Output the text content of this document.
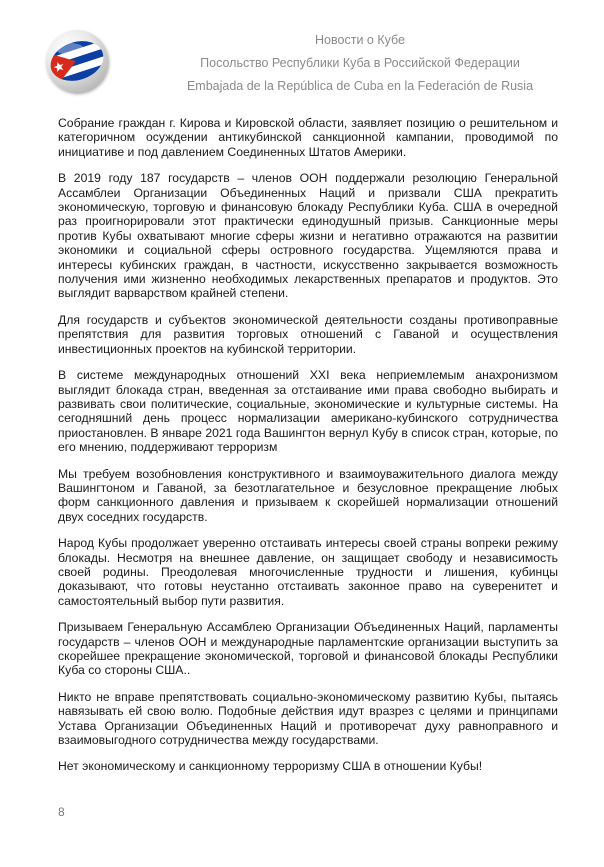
Новости о Кубе
Посольство Республики Куба в Российской Федерации
Embajada de la República de Cuba en la Federación de Rusia

Собрание граждан г. Кирова и Кировской области, заявляет позицию о решительном и категоричном осуждении антикубинской санкционной кампании, проводимой по инициативе и под давлением Соединенных Штатов Америки.

В 2019 году 187 государств – членов ООН поддержали резолюцию Генеральной Ассамблеи Организации Объединенных Наций и призвали США прекратить экономическую, торговую и финансовую блокаду Республики Куба. США в очередной раз проигнорировали этот практически единодушный призыв. Санкционные меры против Кубы охватывают многие сферы жизни и негативно отражаются на развитии экономики и социальной сферы островного государства. Ущемляются права и интересы кубинских граждан, в частности, искусственно закрывается возможность получения ими жизненно необходимых лекарственных препаратов и продуктов. Это выглядит варварством крайней степени.

Для государств и субъектов экономической деятельности созданы противоправные препятствия для развития торговых отношений с Гаваной и осуществления инвестиционных проектов на кубинской территории.

В системе международных отношений XXI века неприемлемым анахронизмом выглядит блокада стран, введенная за отстаивание ими права свободно выбирать и развивать свои политические, социальные, экономические и культурные системы. На сегодняшний день процесс нормализации американо-кубинского сотрудничества приостановлен. В январе 2021 года Вашингтон вернул Кубу в список стран, которые, по его мнению, поддерживают терроризм

Мы требуем возобновления конструктивного и взаимоуважительного диалога между Вашингтоном и Гаваной, за безотлагательное и безусловное прекращение любых форм санкционного давления и призываем к скорейшей нормализации отношений двух соседних государств.

Народ Кубы продолжает уверенно отстаивать интересы своей страны вопреки режиму блокады. Несмотря на внешнее давление, он защищает свободу и независимость своей родины. Преодолевая многочисленные трудности и лишения, кубинцы доказывают, что готовы неустанно отстаивать законное право на суверенитет и самостоятельный выбор пути развития.

Призываем Генеральную Ассамблею Организации Объединенных Наций, парламенты государств – членов ООН и международные парламентские организации выступить за скорейшее прекращение экономической, торговой и финансовой блокады Республики Куба со стороны США..

Никто не вправе препятствовать социально-экономическому развитию Кубы, пытаясь навязывать ей свою волю. Подобные действия идут вразрез с целями и принципами Устава Организации Объединенных Наций и противоречат духу равноправного и взаимовыгодного сотрудничества между государствами.

Нет экономическому и санкционному терроризму США в отношении Кубы!

8
